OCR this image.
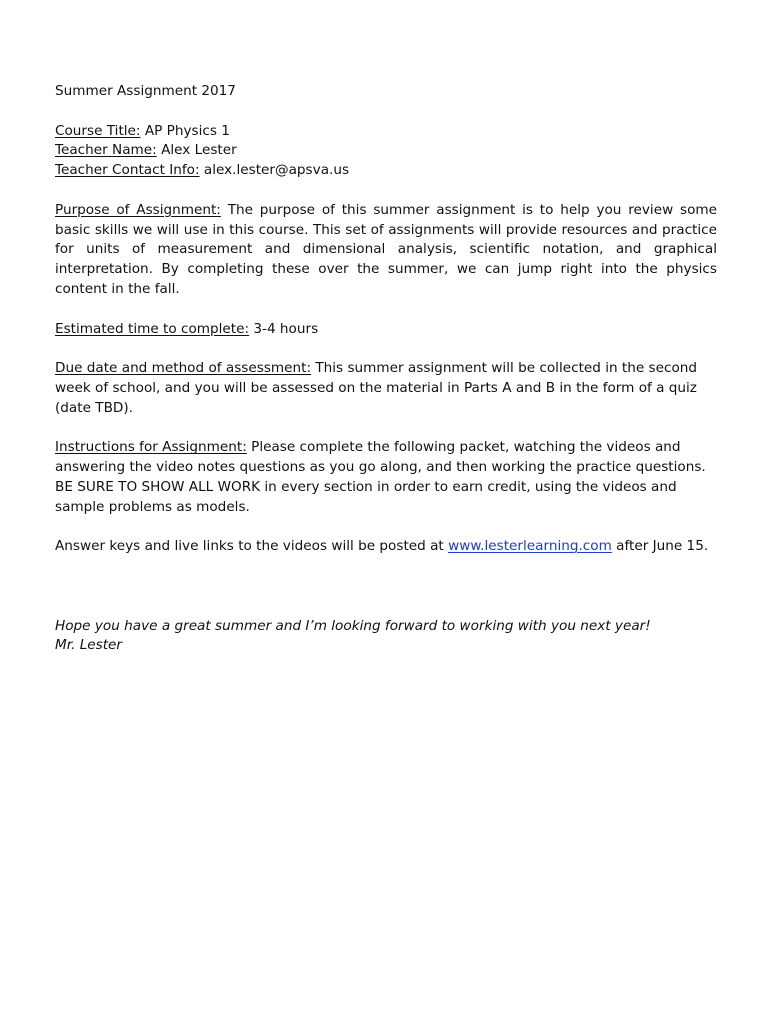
Summer Assignment 2017
Course Title: AP Physics 1
Teacher Name: Alex Lester
Teacher Contact Info: alex.lester@apsva.us
Purpose of Assignment: The purpose of this summer assignment is to help you review some basic skills we will use in this course. This set of assignments will provide resources and practice for units of measurement and dimensional analysis, scientific notation, and graphical interpretation. By completing these over the summer, we can jump right into the physics content in the fall.
Estimated time to complete: 3-4 hours
Due date and method of assessment: This summer assignment will be collected in the second week of school, and you will be assessed on the material in Parts A and B in the form of a quiz (date TBD).
Instructions for Assignment: Please complete the following packet, watching the videos and answering the video notes questions as you go along, and then working the practice questions. BE SURE TO SHOW ALL WORK in every section in order to earn credit, using the videos and sample problems as models.
Answer keys and live links to the videos will be posted at www.lesterlearning.com after June 15.
Hope you have a great summer and I’m looking forward to working with you next year!
Mr. Lester
